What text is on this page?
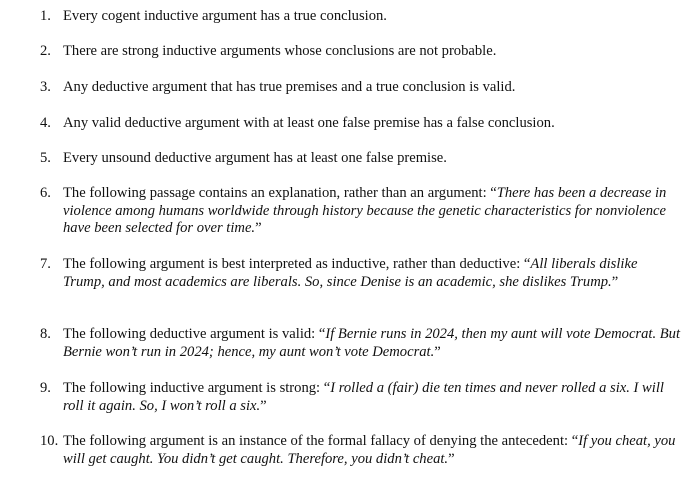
1. Every cogent inductive argument has a true conclusion.
2. There are strong inductive arguments whose conclusions are not probable.
3. Any deductive argument that has true premises and a true conclusion is valid.
4. Any valid deductive argument with at least one false premise has a false conclusion.
5. Every unsound deductive argument has at least one false premise.
6. The following passage contains an explanation, rather than an argument: “There has been a decrease in violence among humans worldwide through history because the genetic characteristics for nonviolence have been selected for over time.”
7. The following argument is best interpreted as inductive, rather than deductive: “All liberals dislike Trump, and most academics are liberals. So, since Denise is an academic, she dislikes Trump.”
8. The following deductive argument is valid: “If Bernie runs in 2024, then my aunt will vote Democrat. But Bernie won’t run in 2024; hence, my aunt won’t vote Democrat.”
9. The following inductive argument is strong: “I rolled a (fair) die ten times and never rolled a six. I will roll it again. So, I won’t roll a six.”
10. The following argument is an instance of the formal fallacy of denying the antecedent: “If you cheat, you will get caught. You didn’t get caught. Therefore, you didn’t cheat.”
